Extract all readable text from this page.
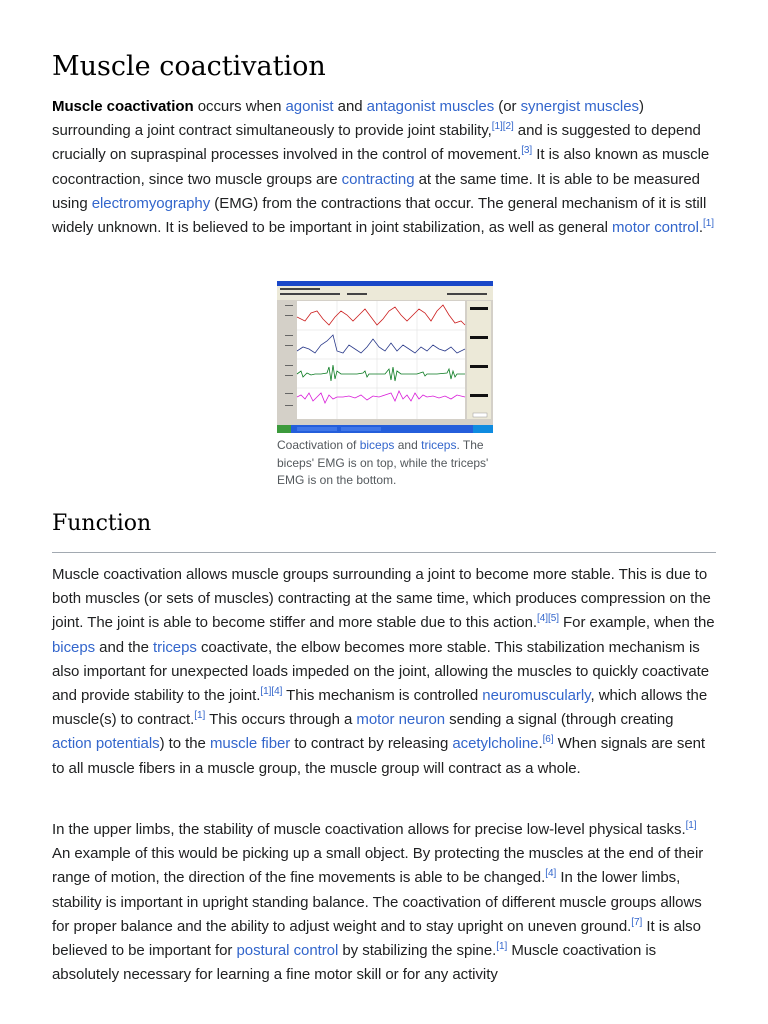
Muscle coactivation

Muscle coactivation occurs when agonist and antagonist muscles (or synergist muscles) surrounding a joint contract simultaneously to provide joint stability,[1][2] and is suggested to depend crucially on supraspinal processes involved in the control of movement.[3] It is also known as muscle cocontraction, since two muscle groups are contracting at the same time. It is able to be measured using electromyography (EMG) from the contractions that occur. The general mechanism of it is still widely unknown. It is believed to be important in joint stabilization, as well as general motor control.[1]

Coactivation of biceps and triceps. The biceps' EMG is on top, while the triceps' EMG is on the bottom.
Function

Muscle coactivation allows muscle groups surrounding a joint to become more stable. This is due to both muscles (or sets of muscles) contracting at the same time, which produces compression on the joint. The joint is able to become stiffer and more stable due to this action.[4][5] For example, when the biceps and the triceps coactivate, the elbow becomes more stable. This stabilization mechanism is also important for unexpected loads impeded on the joint, allowing the muscles to quickly coactivate and provide stability to the joint.[1][4] This mechanism is controlled neuromuscularly, which allows the muscle(s) to contract.[1] This occurs through a motor neuron sending a signal (through creating action potentials) to the muscle fiber to contract by releasing acetylcholine.[6] When signals are sent to all muscle fibers in a muscle group, the muscle group will contract as a whole.

In the upper limbs, the stability of muscle coactivation allows for precise low-level physical tasks.[1] An example of this would be picking up a small object. By protecting the muscles at the end of their range of motion, the direction of the fine movements is able to be changed.[4] In the lower limbs, stability is important in upright standing balance. The coactivation of different muscle groups allows for proper balance and the ability to adjust weight and to stay upright on uneven ground.[7] It is also believed to be important for postural control by stabilizing the spine.[1] Muscle coactivation is absolutely necessary for learning a fine motor skill or for any activity
